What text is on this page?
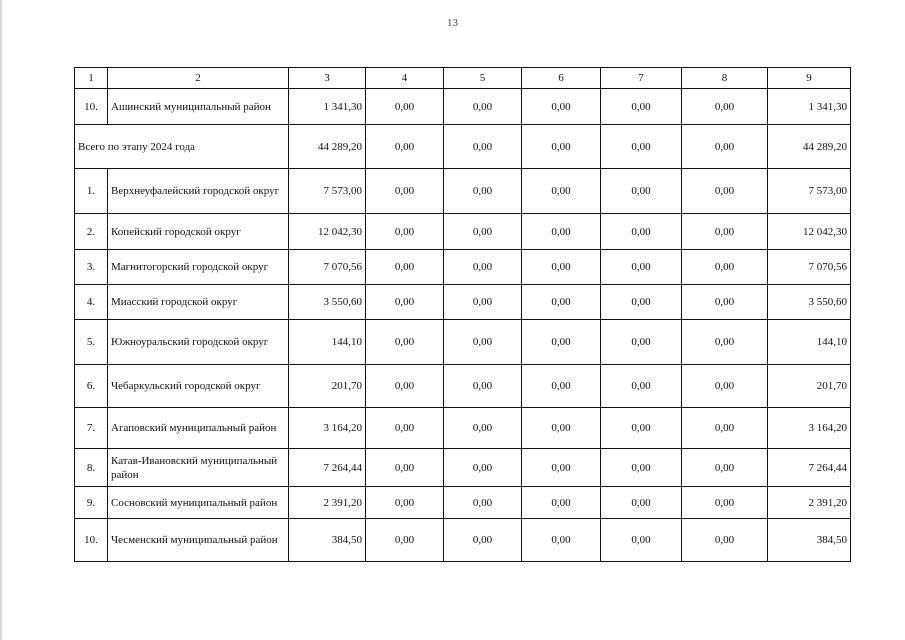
13
1	2	3	4	5	6	7	8	9
10.	Ашинский муниципальный район	1 341,30	0,00	0,00	0,00	0,00	0,00	1 341,30
Всего по этапу 2024 года		44 289,20	0,00	0,00	0,00	0,00	0,00	44 289,20
1.	Верхнеуфалейский городской округ	7 573,00	0,00	0,00	0,00	0,00	0,00	7 573,00
2.	Копейский городской округ	12 042,30	0,00	0,00	0,00	0,00	0,00	12 042,30
3.	Магнитогорский городской округ	7 070,56	0,00	0,00	0,00	0,00	0,00	7 070,56
4.	Миасский городской округ	3 550,60	0,00	0,00	0,00	0,00	0,00	3 550,60
5.	Южноуральский городской округ	144,10	0,00	0,00	0,00	0,00	0,00	144,10
6.	Чебаркульский городской округ	201,70	0,00	0,00	0,00	0,00	0,00	201,70
7.	Агаповский муниципальный район	3 164,20	0,00	0,00	0,00	0,00	0,00	3 164,20
8.	Катав-Ивановский муниципальный район	7 264,44	0,00	0,00	0,00	0,00	0,00	7 264,44
9.	Сосновский муниципальный район	2 391,20	0,00	0,00	0,00	0,00	0,00	2 391,20
10.	Чесменский муниципальный район	384,50	0,00	0,00	0,00	0,00	0,00	384,50
